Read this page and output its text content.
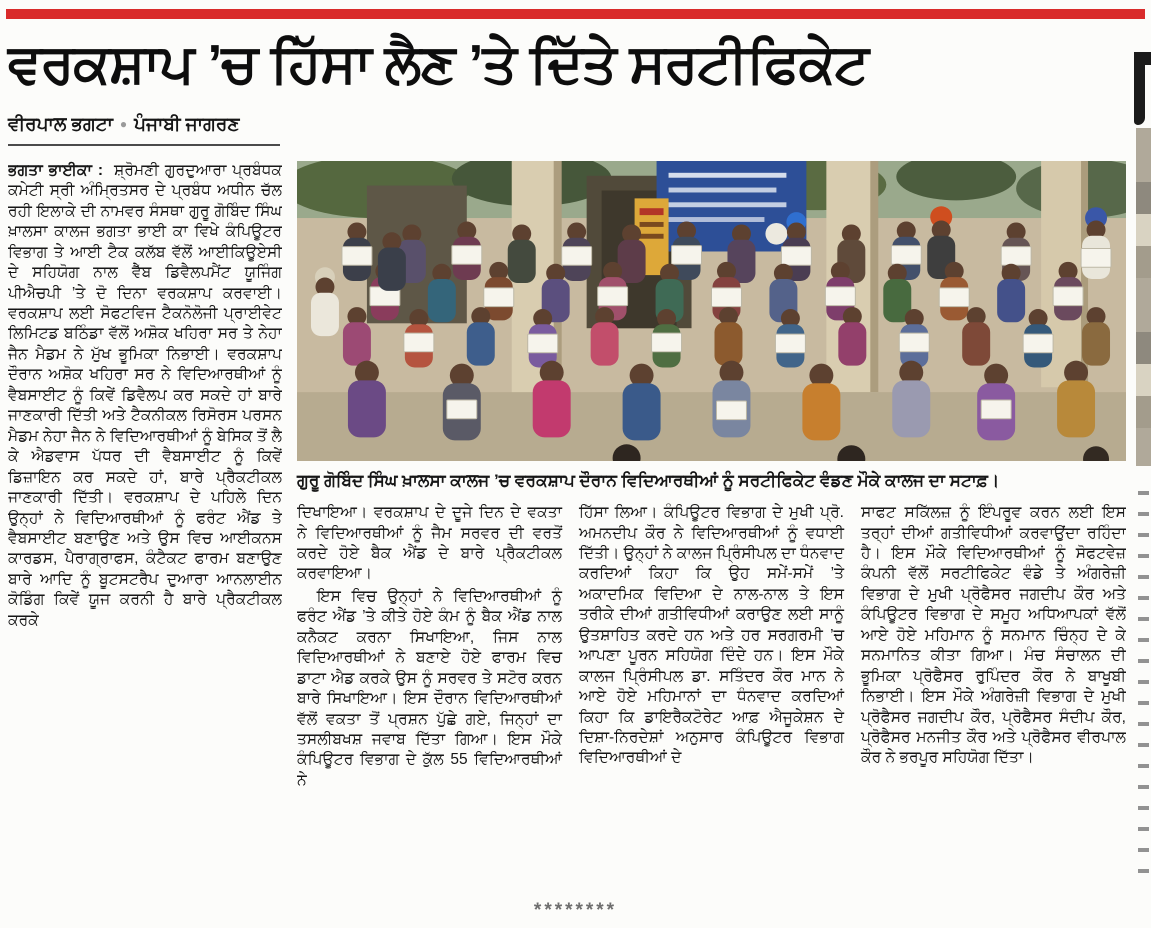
ਵਰਕਸ਼ਾਪ ’ਚ ਹਿੱਸਾ ਲੈਣ ’ਤੇ ਦਿੱਤੇ ਸਰਟੀਫਿਕੇਟ
ਵੀਰਪਾਲ ਭਗਟਾ ● ਪੰਜਾਬੀ ਜਾਗਰਣ

ਭਗਤਾ ਭਾਈਕਾ : ਸ਼੍ਰੋਮਣੀ ਗੁਰਦੁਆਰਾ ਪ੍ਰਬੰਧਕ ਕਮੇਟੀ ਸ੍ਰੀ ਅੰਮ੍ਰਿਤਸਰ ਦੇ ਪ੍ਰਬੰਧ ਅਧੀਨ ਚੱਲ ਰਹੀ ਇਲਾਕੇ ਦੀ ਨਾਮਵਰ ਸੰਸਥਾ ਗੁਰੂ ਗੋਬਿੰਦ ਸਿੰਘ ਖ਼ਾਲਸਾ ਕਾਲਜ ਭਗਤਾ ਭਾਈ ਕਾ ਵਿਖੇ ਕੰਪਿਊਟਰ ਵਿਭਾਗ ਤੇ ਆਈ ਟੈਕ ਕਲੱਬ ਵੱਲੋਂ ਆਈਕਿਊਏਸੀ ਦੇ ਸਹਿਯੋਗ ਨਾਲ ਵੈੱਬ ਡਿਵੈਲਪਮੈਂਟ ਯੂਜਿੰਗ ਪੀਐਚਪੀ ’ਤੇ ਦੋ ਦਿਨਾ ਵਰਕਸ਼ਾਪ ਕਰਵਾਈ। ਵਰਕਸ਼ਾਪ ਲਈ ਸੋਫਟਵਿਜ ਟੈਕਨੋਲੋਜੀ ਪ੍ਰਾਈਵੇਟ ਲਿਮਿਟਡ ਬਠਿੰਡਾ ਵੱਲੋਂ ਅਸ਼ੋਕ ਖਹਿਰਾ ਸਰ ਤੇ ਨੇਹਾ ਜੈਨ ਮੈਡਮ ਨੇ ਮੁੱਖ ਭੂਮਿਕਾ ਨਿਭਾਈ। ਵਰਕਸ਼ਾਪ ਦੌਰਾਨ ਅਸ਼ੋਕ ਖਹਿਰਾ ਸਰ ਨੇ ਵਿਦਿਆਰਥੀਆਂ ਨੂੰ ਵੈਬਸਾਈਟ ਨੂੰ ਕਿਵੇਂ ਡਿਵੈਲਪ ਕਰ ਸਕਦੇ ਹਾਂ ਬਾਰੇ ਜਾਣਕਾਰੀ ਦਿੱਤੀ ਅਤੇ ਟੈਕਨੀਕਲ ਰਿਸੋਰਸ ਪਰਸਨ ਮੈਡਮ ਨੇਹਾ ਜੈਨ ਨੇ ਵਿਦਿਆਰਥੀਆਂ ਨੂੰ ਬੇਸਿਕ ਤੋਂ ਲੈ ਕੇ ਐਡਵਾਸ ਪੱਧਰ ਦੀ ਵੈਬਸਾਈਟ ਨੂੰ ਕਿਵੇਂ ਡਿਜ਼ਾਇਨ ਕਰ ਸਕਦੇ ਹਾਂ, ਬਾਰੇ ਪ੍ਰੈਕਟੀਕਲ ਜਾਣਕਾਰੀ ਦਿੱਤੀ। ਵਰਕਸ਼ਾਪ ਦੇ ਪਹਿਲੇ ਦਿਨ ਉਨ੍ਹਾਂ ਨੇ ਵਿਦਿਆਰਥੀਆਂ ਨੂੰ ਫਰੰਟ ਐਂਡ ਤੇ ਵੈਬਸਾਈਟ ਬਣਾਉਣ ਅਤੇ ਉਸ ਵਿਚ ਆਈਕਨਸ ਕਾਰਡਸ, ਪੈਰਾਗ੍ਰਾਫਸ, ਕੰਟੈਕਟ ਫਾਰਮ ਬਣਾਉਣ ਬਾਰੇ ਆਦਿ ਨੂੰ ਬੂਟਸਟਰੈਪ ਦੁਆਰਾ ਆਨਲਾਈਨ ਕੋਡਿੰਗ ਕਿਵੇਂ ਯੂਜ ਕਰਨੀ ਹੈ ਬਾਰੇ ਪ੍ਰੈਕਟੀਕਲ ਕਰਕੇ

ਗੁਰੂ ਗੋਬਿੰਦ ਸਿੰਘ ਖ਼ਾਲਸਾ ਕਾਲਜ ’ਚ ਵਰਕਸ਼ਾਪ ਦੌਰਾਨ ਵਿਦਿਆਰਥੀਆਂ ਨੂੰ ਸਰਟੀਫਿਕੇਟ ਵੰਡਣ ਮੌਕੇ ਕਾਲਜ ਦਾ ਸਟਾਫ਼।

ਦਿਖਾਇਆ। ਵਰਕਸ਼ਾਪ ਦੇ ਦੂਜੇ ਦਿਨ ਦੇ ਵਕਤਾ ਨੇ ਵਿਦਿਆਰਥੀਆਂ ਨੂੰ ਜੈਮ ਸਰਵਰ ਦੀ ਵਰਤੋਂ ਕਰਦੇ ਹੋਏ ਬੈਕ ਐਂਡ ਦੇ ਬਾਰੇ ਪ੍ਰੈਕਟੀਕਲ ਕਰਵਾਇਆ।

ਇਸ ਵਿਚ ਉਨ੍ਹਾਂ ਨੇ ਵਿਦਿਆਰਥੀਆਂ ਨੂੰ ਫਰੰਟ ਐਂਡ ’ਤੇ ਕੀਤੇ ਹੋਏ ਕੰਮ ਨੂੰ ਬੈਕ ਐਂਡ ਨਾਲ ਕਨੈਕਟ ਕਰਨਾ ਸਿਖਾਇਆ, ਜਿਸ ਨਾਲ ਵਿਦਿਆਰਥੀਆਂ ਨੇ ਬਣਾਏ ਹੋਏ ਫਾਰਮ ਵਿਚ ਡਾਟਾ ਐਡ ਕਰਕੇ ਉਸ ਨੂੰ ਸਰਵਰ ਤੇ ਸਟੋਰ ਕਰਨ ਬਾਰੇ ਸਿਖਾਇਆ। ਇਸ ਦੌਰਾਨ ਵਿਦਿਆਰਥੀਆਂ ਵੱਲੋਂ ਵਕਤਾ ਤੋਂ ਪ੍ਰਸ਼ਨ ਪੁੱਛੇ ਗਏ, ਜਿਨ੍ਹਾਂ ਦਾ ਤਸਲੀਬਖਸ਼ ਜਵਾਬ ਦਿੱਤਾ ਗਿਆ। ਇਸ ਮੌਕੇ ਕੰਪਿਊਟਰ ਵਿਭਾਗ ਦੇ ਕੁੱਲ 55 ਵਿਦਿਆਰਥੀਆਂ ਨੇ

ਹਿੱਸਾ ਲਿਆ। ਕੰਪਿਊਟਰ ਵਿਭਾਗ ਦੇ ਮੁਖੀ ਪ੍ਰੋ. ਅਮਨਦੀਪ ਕੌਰ ਨੇ ਵਿਦਿਆਰਥੀਆਂ ਨੂੰ ਵਧਾਈ ਦਿੱਤੀ। ਉਨ੍ਹਾਂ ਨੇ ਕਾਲਜ ਪ੍ਰਿੰਸੀਪਲ ਦਾ ਧੰਨਵਾਦ ਕਰਦਿਆਂ ਕਿਹਾ ਕਿ ਉਹ ਸਮੇਂ-ਸਮੇਂ ’ਤੇ ਅਕਾਦਮਿਕ ਵਿਦਿਆ ਦੇ ਨਾਲ-ਨਾਲ ਤੇ ਇਸ ਤਰੀਕੇ ਦੀਆਂ ਗਤੀਵਿਧੀਆਂ ਕਰਾਉਣ ਲਈ ਸਾਨੂੰ ਉਤਸ਼ਾਹਿਤ ਕਰਦੇ ਹਨ ਅਤੇ ਹਰ ਸਰਗਰਮੀ ’ਚ ਆਪਣਾ ਪੂਰਨ ਸਹਿਯੋਗ ਦਿੰਦੇ ਹਨ। ਇਸ ਮੌਕੇ ਕਾਲਜ ਪ੍ਰਿੰਸੀਪਲ ਡਾ. ਸਤਿੰਦਰ ਕੌਰ ਮਾਨ ਨੇ ਆਏ ਹੋਏ ਮਹਿਮਾਨਾਂ ਦਾ ਧੰਨਵਾਦ ਕਰਦਿਆਂ ਕਿਹਾ ਕਿ ਡਾਇਰੈਕਟੋਰੇਟ ਆਫ਼ ਐਜੂਕੇਸ਼ਨ ਦੇ ਦਿਸ਼ਾ-ਨਿਰਦੇਸ਼ਾਂ ਅਨੁਸਾਰ ਕੰਪਿਊਟਰ ਵਿਭਾਗ ਵਿਦਿਆਰਥੀਆਂ ਦੇ

ਸਾਫਟ ਸਕਿੱਲਜ਼ ਨੂੰ ਇੰਪਰੂਵ ਕਰਨ ਲਈ ਇਸ ਤਰ੍ਹਾਂ ਦੀਆਂ ਗਤੀਵਿਧੀਆਂ ਕਰਵਾਉਂਦਾ ਰਹਿੰਦਾ ਹੈ। ਇਸ ਮੌਕੇ ਵਿਦਿਆਰਥੀਆਂ ਨੂੰ ਸੋਫਟਵੇਜ਼ ਕੰਪਨੀ ਵੱਲੋਂ ਸਰਟੀਫਿਕੇਟ ਵੰਡੇ ਤੇ ਅੰਗਰੇਜ਼ੀ ਵਿਭਾਗ ਦੇ ਮੁਖੀ ਪ੍ਰੋਫੈਸਰ ਜਗਦੀਪ ਕੌਰ ਅਤੇ ਕੰਪਿਊਟਰ ਵਿਭਾਗ ਦੇ ਸਮੂਹ ਅਧਿਆਪਕਾਂ ਵੱਲੋਂ ਆਏ ਹੋਏ ਮਹਿਮਾਨ ਨੂੰ ਸਨਮਾਨ ਚਿੰਨ੍ਹ ਦੇ ਕੇ ਸਨਮਾਨਿਤ ਕੀਤਾ ਗਿਆ। ਮੰਚ ਸੰਚਾਲਨ ਦੀ ਭੂਮਿਕਾ ਪ੍ਰੋਫੈਸਰ ਰੁਪਿੰਦਰ ਕੌਰ ਨੇ ਬਾਖੂਬੀ ਨਿਭਾਈ। ਇਸ ਮੌਕੇ ਅੰਗਰੇਜ਼ੀ ਵਿਭਾਗ ਦੇ ਮੁਖੀ ਪ੍ਰੋਫੈਸਰ ਜਗਦੀਪ ਕੌਰ, ਪ੍ਰੋਫੈਸਰ ਸੰਦੀਪ ਕੌਰ, ਪ੍ਰੋਫੈਸਰ ਮਨਜੀਤ ਕੌਰ ਅਤੇ ਪ੍ਰੋਫੈਸਰ ਵੀਰਪਾਲ ਕੌਰ ਨੇ ਭਰਪੂਰ ਸਹਿਯੋਗ ਦਿੱਤਾ।

********
